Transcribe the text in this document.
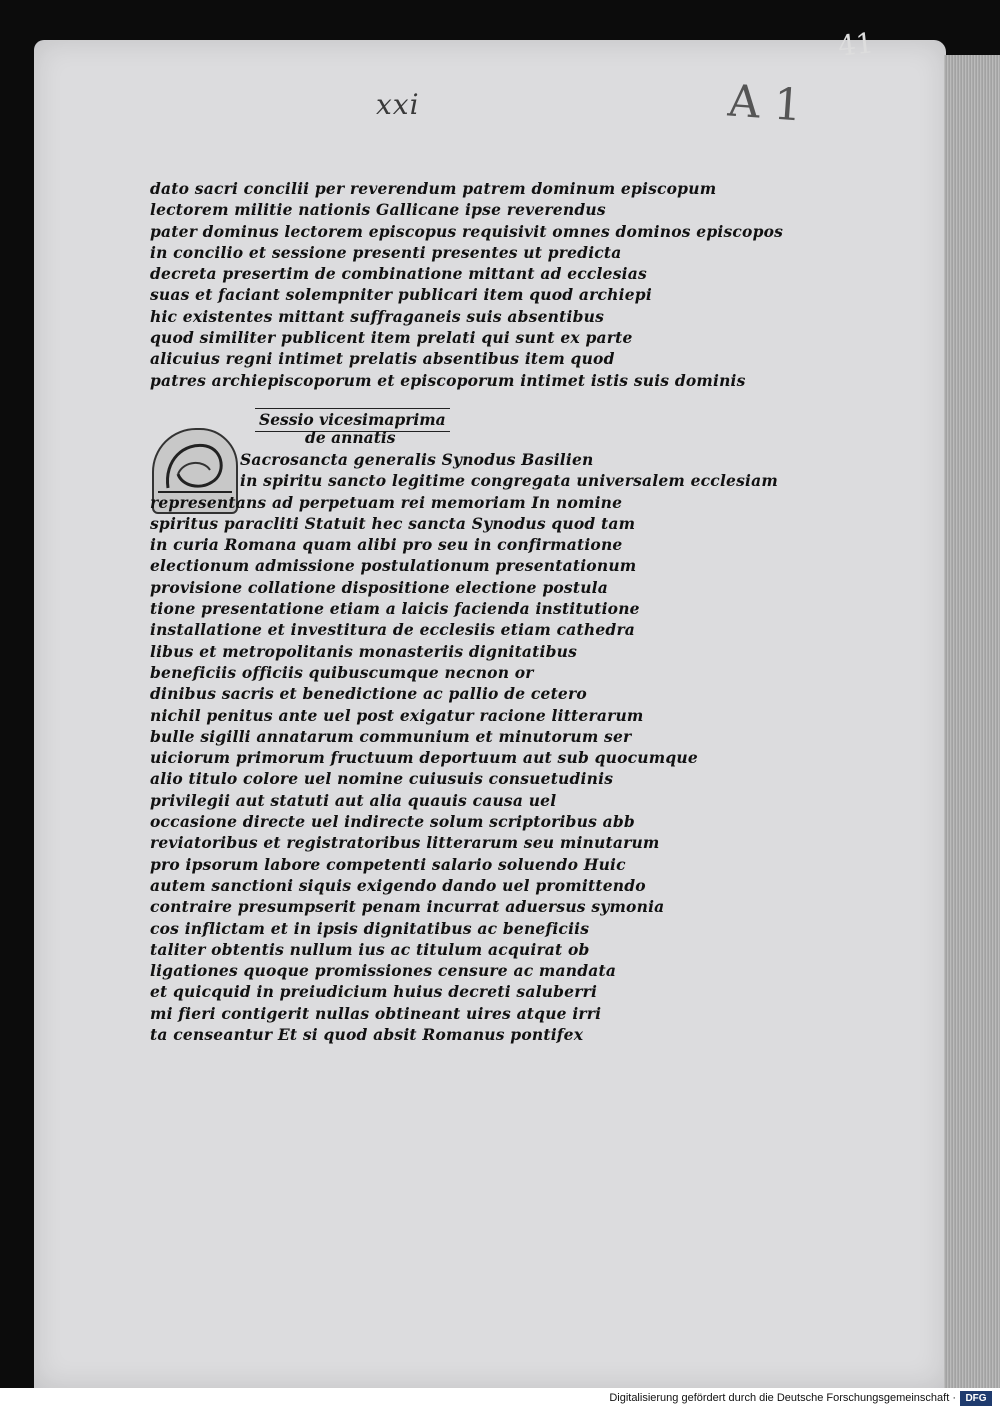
41
xxi	A 1
dato sacri concilii per reverendum patrem dominum episcopum
lectorem militie nationis Gallicane ipse reverendus
pater dominus lectorem episcopus requisivit omnes dominos episcopos
in concilio et sessione presenti presentes ut predicta
decreta presertim de combinatione mittant ad ecclesias
suas et faciant solempniter publicari item quod archiepi
hic existentes mittant suffraganeis suis absentibus
quod similiter publicent item prelati qui sunt ex parte
alicuius regni intimet prelatis absentibus item quod
patres archiepiscoporum et episcoporum intimet istis suis dominis
Sessio vicesimaprima
de annatis
Sacrosancta generalis Synodus Basilien
in spiritu sancto legitime congregata universalem ecclesiam
representans ad perpetuam rei memoriam In nomine
spiritus paracliti Statuit hec sancta Synodus quod tam
in curia Romana quam alibi pro seu in confirmatione
electionum admissione postulationum presentationum
provisione collatione dispositione electione postula
tione presentatione etiam a laicis facienda institutione
installatione et investitura de ecclesiis etiam cathedra
libus et metropolitanis monasteriis dignitatibus
beneficiis officiis quibuscumque necnon or
dinibus sacris et benedictione ac pallio de cetero
nichil penitus ante uel post exigatur racione litterarum
bulle sigilli annatarum communium et minutorum ser
uiciorum primorum fructuum deportuum aut sub quocumque
alio titulo colore uel nomine cuiusuis consuetudinis
privilegii aut statuti aut alia quauis causa uel
occasione directe uel indirecte solum scriptoribus abb
reviatoribus et registratoribus litterarum seu minutarum
pro ipsorum labore competenti salario soluendo Huic
autem sanctioni siquis exigendo dando uel promittendo
contraire presumpserit penam incurrat aduersus symonia
cos inflictam et in ipsis dignitatibus ac beneficiis
taliter obtentis nullum ius ac titulum acquirat ob
ligationes quoque promissiones censure ac mandata
et quicquid in preiudicium huius decreti saluberri
mi fieri contigerit nullas obtineant uires atque irri
ta censeantur Et si quod absit Romanus pontifex
Digitalisierung gefördert durch die Deutsche Forschungsgemeinschaft · DFG
